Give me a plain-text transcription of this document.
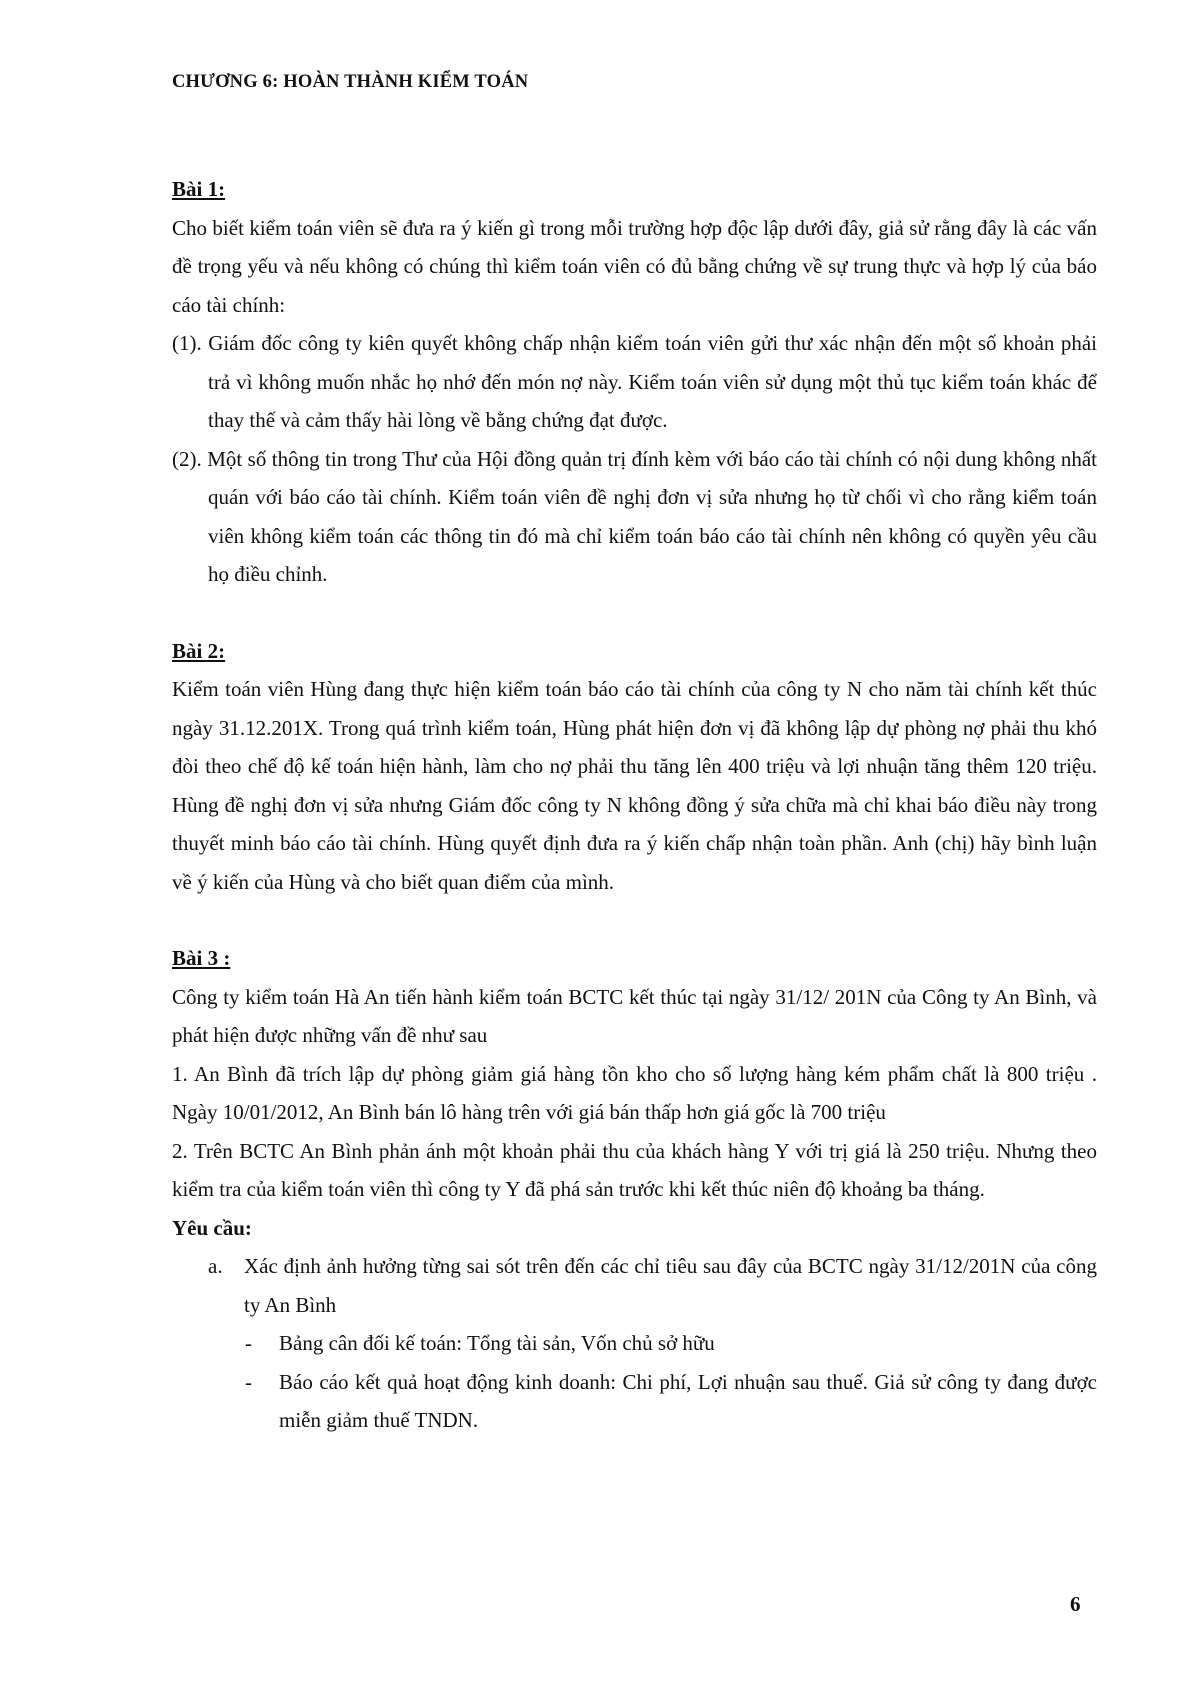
CHƯƠNG 6: HOÀN THÀNH KIỂM TOÁN

Bài 1:

Cho biết kiểm toán viên sẽ đưa ra ý kiến gì trong mỗi trường hợp độc lập dưới đây, giả sử rằng đây là các vấn đề trọng yếu và nếu không có chúng thì kiểm toán viên có đủ bằng chứng về sự trung thực và hợp lý của báo cáo tài chính:

(1). Giám đốc công ty kiên quyết không chấp nhận kiểm toán viên gửi thư xác nhận đến một số khoản phải trả vì không muốn nhắc họ nhớ đến món nợ này. Kiểm toán viên sử dụng một thủ tục kiểm toán khác để thay thế và cảm thấy hài lòng về bằng chứng đạt được.

(2). Một số thông tin trong Thư của Hội đồng quản trị đính kèm với báo cáo tài chính có nội dung không nhất quán với báo cáo tài chính. Kiểm toán viên đề nghị đơn vị sửa nhưng họ từ chối vì cho rằng kiểm toán viên không kiểm toán các thông tin đó mà chỉ kiểm toán báo cáo tài chính nên không có quyền yêu cầu họ điều chỉnh.

Bài 2:

Kiểm toán viên Hùng đang thực hiện kiểm toán báo cáo tài chính của công ty N cho năm tài chính kết thúc ngày 31.12.201X. Trong quá trình kiểm toán, Hùng phát hiện đơn vị đã không lập dự phòng nợ phải thu khó đòi theo chế độ kế toán hiện hành, làm cho nợ phải thu tăng lên 400 triệu và lợi nhuận tăng thêm 120 triệu. Hùng đề nghị đơn vị sửa nhưng Giám đốc công ty N không đồng ý sửa chữa mà chỉ khai báo điều này trong thuyết minh báo cáo tài chính. Hùng quyết định đưa ra ý kiến chấp nhận toàn phần. Anh (chị) hãy bình luận về ý kiến của Hùng và cho biết quan điểm của mình.

Bài 3 :

Công ty kiểm toán Hà An tiến hành kiểm toán BCTC kết thúc tại ngày 31/12/ 201N của Công ty An Bình, và phát hiện được những vấn đề như sau

1. An Bình đã trích lập dự phòng giảm giá hàng tồn kho cho số lượng hàng kém phẩm chất là 800 triệu . Ngày 10/01/2012, An Bình bán lô hàng trên với giá bán thấp hơn giá gốc là 700 triệu

2. Trên BCTC An Bình phản ánh một khoản phải thu của khách hàng Y với trị giá là 250 triệu. Nhưng theo kiểm tra của kiểm toán viên thì công ty Y đã phá sản trước khi kết thúc niên độ khoảng ba tháng.

Yêu cầu:

a. Xác định ảnh hưởng từng sai sót trên đến các chỉ tiêu sau đây của BCTC ngày 31/12/201N của công ty An Bình

- Bảng cân đối kế toán: Tổng tài sản, Vốn chủ sở hữu

- Báo cáo kết quả hoạt động kinh doanh: Chi phí, Lợi nhuận sau thuế. Giả sử công ty đang được miễn giảm thuế TNDN.

6
